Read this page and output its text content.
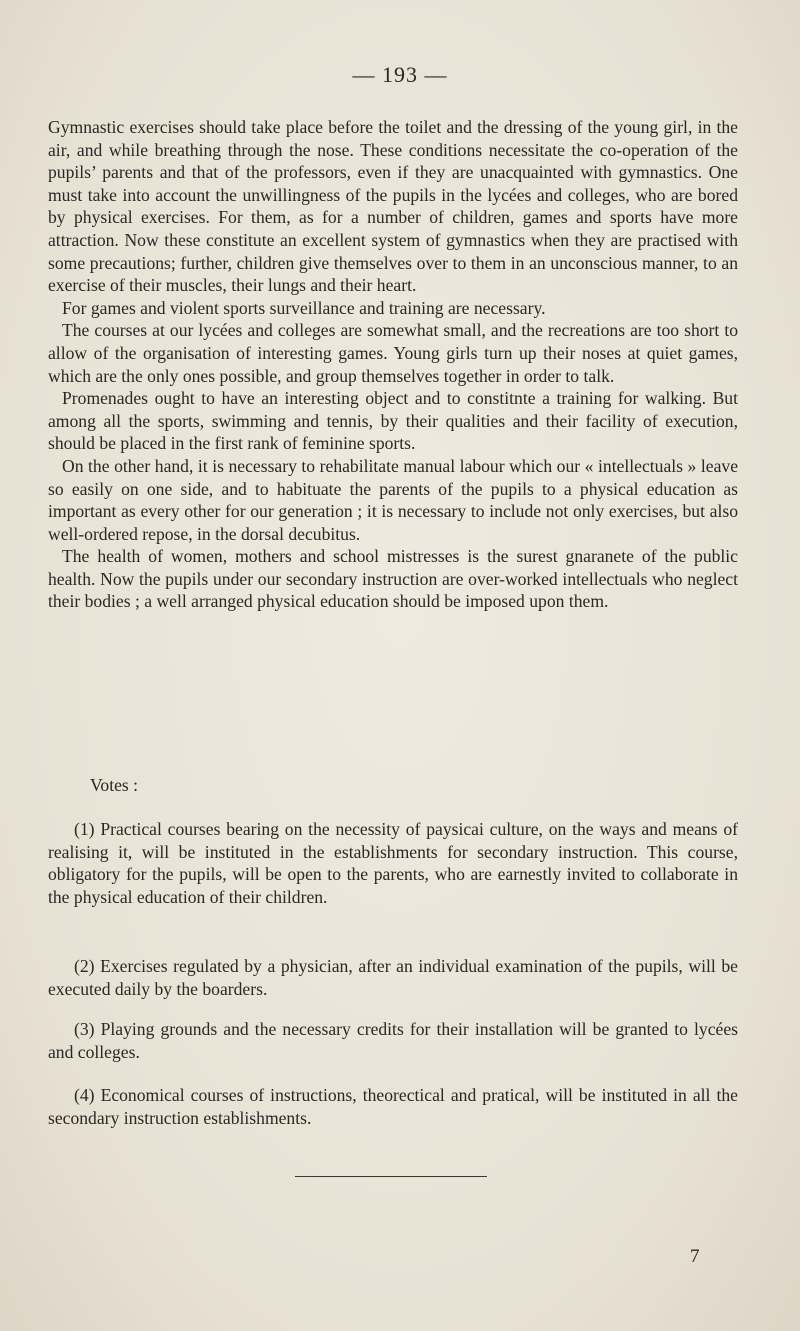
— 193 —

Gymnastic exercises should take place before the toilet and the dressing of the young girl, in the air, and while breathing through the nose. These conditions necessitate the co-operation of the pupils’ parents and that of the professors, even if they are unacquainted with gymnastics. One must take into account the unwillingness of the pupils in the lycées and colleges, who are bored by physical exercises. For them, as for a number of children, games and sports have more attraction. Now these constitute an excellent system of gymnastics when they are practised with some precautions; further, children give themselves over to them in an unconscious manner, to an exercise of their muscles, their lungs and their heart.

For games and violent sports surveillance and training are necessary.

The courses at our lycées and colleges are somewhat small, and the recreations are too short to allow of the organisation of interesting games. Young girls turn up their noses at quiet games, which are the only ones possible, and group themselves together in order to talk.

Promenades ought to have an interesting object and to constitnte a training for walking. But among all the sports, swimming and tennis, by their qualities and their facility of execution, should be placed in the first rank of feminine sports.

On the other hand, it is necessary to rehabilitate manual labour which our « intellectuals » leave so easily on one side, and to habituate the parents of the pupils to a physical education as important as every other for our generation ; it is necessary to include not only exercises, but also well-ordered repose, in the dorsal decubitus.

The health of women, mothers and school mistresses is the surest gnaranete of the public health. Now the pupils under our secondary instruction are over-worked intellectuals who neglect their bodies ; a well arranged physical education should be imposed upon them.

Votes :

(1) Practical courses bearing on the necessity of paysicai culture, on the ways and means of realising it, will be instituted in the establishments for secondary instruction. This course, obligatory for the pupils, will be open to the parents, who are earnestly invited to collaborate in the physical education of their children.

(2) Exercises regulated by a physician, after an individual examination of the pupils, will be executed daily by the boarders.

(3) Playing grounds and the necessary credits for their installation will be granted to lycées and colleges.

(4) Economical courses of instructions, theorectical and pratical, will be instituted in all the secondary instruction establishments.

7
